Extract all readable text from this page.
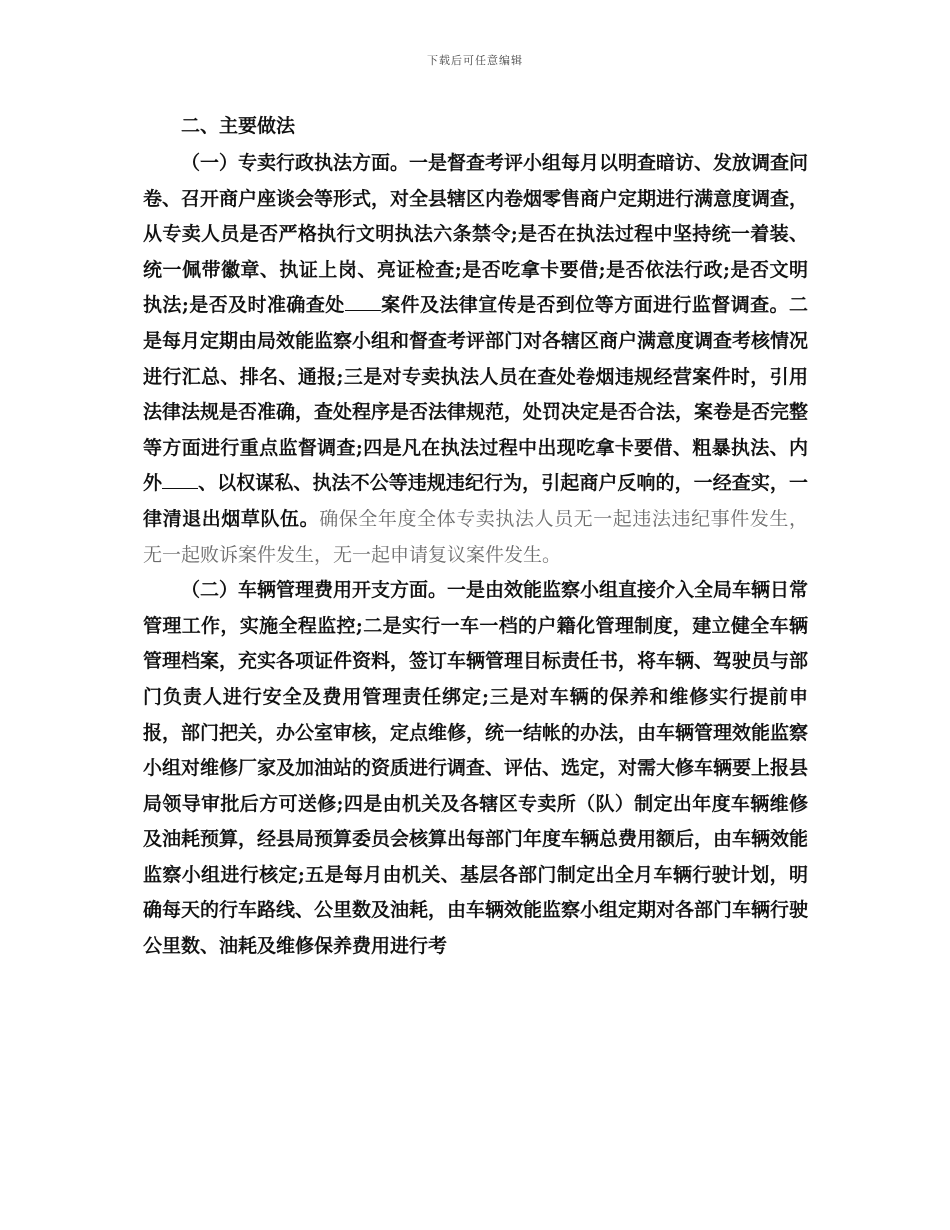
下载后可任意编辑
二、主要做法

（一）专卖行政执法方面。一是督查考评小组每月以明查暗访、发放调查问卷、召开商户座谈会等形式，对全县辖区内卷烟零售商户定期进行满意度调查，从专卖人员是否严格执行文明执法六条禁令;是否在执法过程中坚持统一着装、统一佩带徽章、执证上岗、亮证检查;是否吃拿卡要借;是否依法行政;是否文明执法;是否及时准确查处 案件及法律宣传是否到位等方面进行监督调查。二是每月定期由局效能监察小组和督查考评部门对各辖区商户满意度调查考核情况进行汇总、排名、通报;三是对专卖执法人员在查处卷烟违规经营案件时，引用法律法规是否准确，查处程序是否法律规范，处罚决定是否合法，案卷是否完整等方面进行重点监督调查;四是凡在执法过程中出现吃拿卡要借、粗暴执法、内外 、以权谋私、执法不公等违规违纪行为，引起商户反响的，一经查实，一律清退出烟草队伍。确保全年度全体专卖执法人员无一起违法违纪事件发生，无一起败诉案件发生，无一起申请复议案件发生。

（二）车辆管理费用开支方面。一是由效能监察小组直接介入全局车辆日常管理工作，实施全程监控;二是实行一车一档的户籍化管理制度，建立健全车辆管理档案，充实各项证件资料，签订车辆管理目标责任书，将车辆、驾驶员与部门负责人进行安全及费用管理责任绑定;三是对车辆的保养和维修实行提前申报，部门把关，办公室审核，定点维修，统一结帐的办法，由车辆管理效能监察小组对维修厂家及加油站的资质进行调查、评估、选定，对需大修车辆要上报县局领导审批后方可送修;四是由机关及各辖区专卖所（队）制定出年度车辆维修及油耗预算，经县局预算委员会核算出每部门年度车辆总费用额后，由车辆效能监察小组进行核定;五是每月由机关、基层各部门制定出全月车辆行驶计划，明确每天的行车路线、公里数及油耗，由车辆效能监察小组定期对各部门车辆行驶公里数、油耗及维修保养费用进行考
